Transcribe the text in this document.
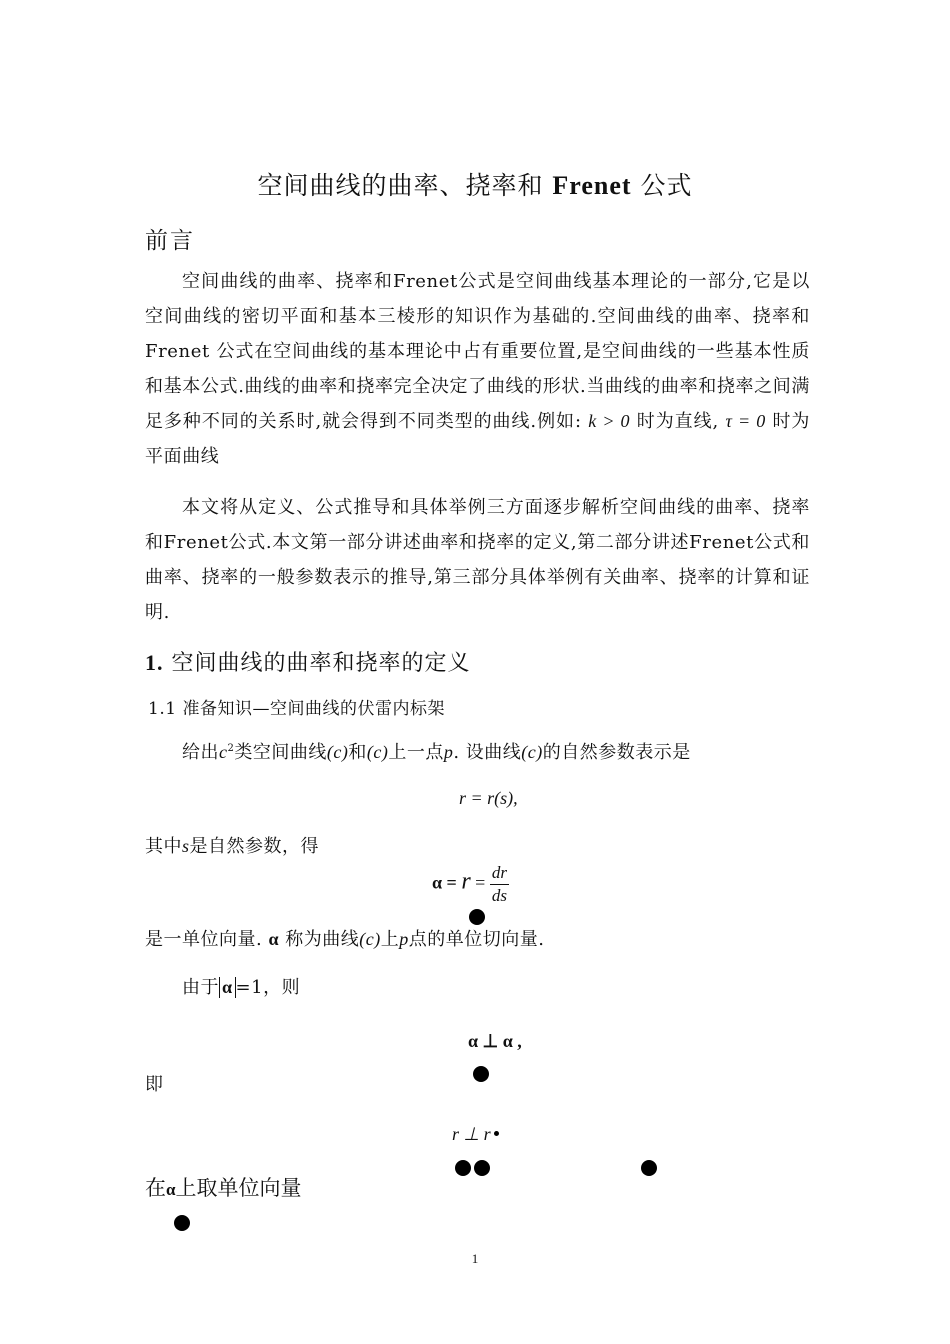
空间曲线的曲率、挠率和 Frenet 公式
前言
空间曲线的曲率、挠率和Frenet公式是空间曲线基本理论的一部分,它是以空间曲线的密切平面和基本三棱形的知识作为基础的.空间曲线的曲率、挠率和Frenet 公式在空间曲线的基本理论中占有重要位置,是空间曲线的一些基本性质和基本公式.曲线的曲率和挠率完全决定了曲线的形状.当曲线的曲率和挠率之间满足多种不同的关系时,就会得到不同类型的曲线.例如: k > 0 时为直线, τ = 0 时为平面曲线
本文将从定义、公式推导和具体举例三方面逐步解析空间曲线的曲率、挠率和Frenet公式.本文第一部分讲述曲率和挠率的定义,第二部分讲述Frenet公式和曲率、挠率的一般参数表示的推导,第三部分具体举例有关曲率、挠率的计算和证明.
1. 空间曲线的曲率和挠率的定义
1.1 准备知识—空间曲线的伏雷内标架
给出$c^2$类空间曲线(c)和(c)上一点p. 设曲线(c)的自然参数表示是
r = r(s),
其中s是自然参数，得
$\alpha = r = \frac{dr}{ds}$
是一单位向量. α 称为曲线(c)上p点的单位切向量.
由于 α =1，则
α ⊥ α ,
即
r ⊥ r
在α上取单位向量
1
